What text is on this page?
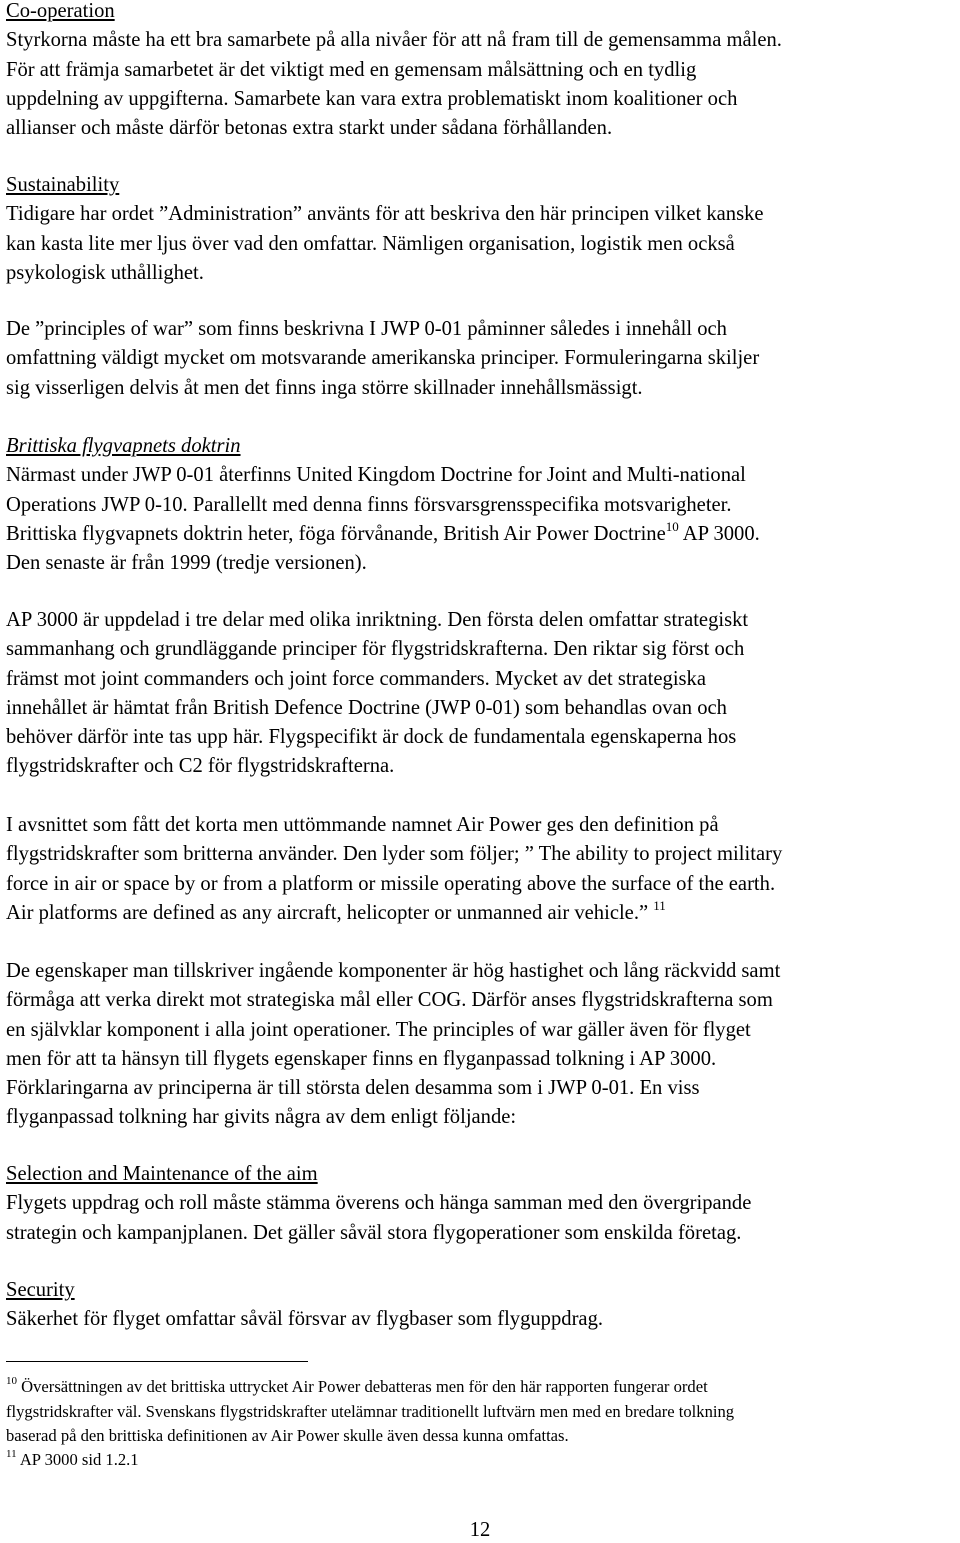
Co-operation
Styrkorna måste ha ett bra samarbete på alla nivåer för att nå fram till de gemensamma målen.
För att främja samarbetet är det viktigt med en gemensam målsättning och en tydlig
uppdelning av uppgifterna. Samarbete kan vara extra problematiskt inom koalitioner och
allianser och måste därför betonas extra starkt under sådana förhållanden.
Sustainability
Tidigare har ordet ”Administration” använts för att beskriva den här principen vilket kanske
kan kasta lite mer ljus över vad den omfattar. Nämligen organisation, logistik men också
psykologisk uthållighet.
De ”principles of war” som finns beskrivna I JWP 0-01 påminner således i innehåll och
omfattning väldigt mycket om motsvarande amerikanska principer. Formuleringarna skiljer
sig visserligen delvis åt men det finns inga större skillnader innehållsmässigt.
Brittiska flygvapnets doktrin
Närmast under JWP 0-01 återfinns United Kingdom Doctrine for Joint and Multi-national
Operations JWP 0-10. Parallellt med denna finns försvarsgrensspecifika motsvarigheter.
Brittiska flygvapnets doktrin heter, föga förvånande, British Air Power Doctrine$^{10}$ AP 3000.
Den senaste är från 1999 (tredje versionen).
AP 3000 är uppdelad i tre delar med olika inriktning. Den första delen omfattar strategiskt
sammanhang och grundläggande principer för flygstridskrafterna. Den riktar sig först och
främst mot joint commanders och joint force commanders. Mycket av det strategiska
innehållet är hämtat från British Defence Doctrine (JWP 0-01) som behandlas ovan och
behöver därför inte tas upp här. Flygspecifikt är dock de fundamentala egenskaperna hos
flygstridskrafter och C2 för flygstridskrafterna.
I avsnittet som fått det korta men uttömmande namnet Air Power ges den definition på
flygstridskrafter som britterna använder. Den lyder som följer; ” The ability to project military
force in air or space by or from a platform or missile operating above the surface of the earth.
Air platforms are defined as any aircraft, helicopter or unmanned air vehicle.” $^{11}$
De egenskaper man tillskriver ingående komponenter är hög hastighet och lång räckvidd samt
förmåga att verka direkt mot strategiska mål eller COG. Därför anses flygstridskrafterna som
en självklar komponent i alla joint operationer. The principles of war gäller även för flyget
men för att ta hänsyn till flygets egenskaper finns en flyganpassad tolkning i AP 3000.
Förklaringarna av principerna är till största delen desamma som i JWP 0-01. En viss
flyganpassad tolkning har givits några av dem enligt följande:
Selection and Maintenance of the aim
Flygets uppdrag och roll måste stämma överens och hänga samman med den övergripande
strategin och kampanjplanen. Det gäller såväl stora flygoperationer som enskilda företag.
Security
Säkerhet för flyget omfattar såväl försvar av flygbaser som flyguppdrag.
$^{10}$ Översättningen av det brittiska uttrycket Air Power debatteras men för den här rapporten fungerar ordet
flygstridskrafter väl. Svenskans flygstridskrafter utelämnar traditionellt luftvärn men med en bredare tolkning
baserad på den brittiska definitionen av Air Power skulle även dessa kunna omfattas.
$^{11}$ AP 3000 sid 1.2.1
12
